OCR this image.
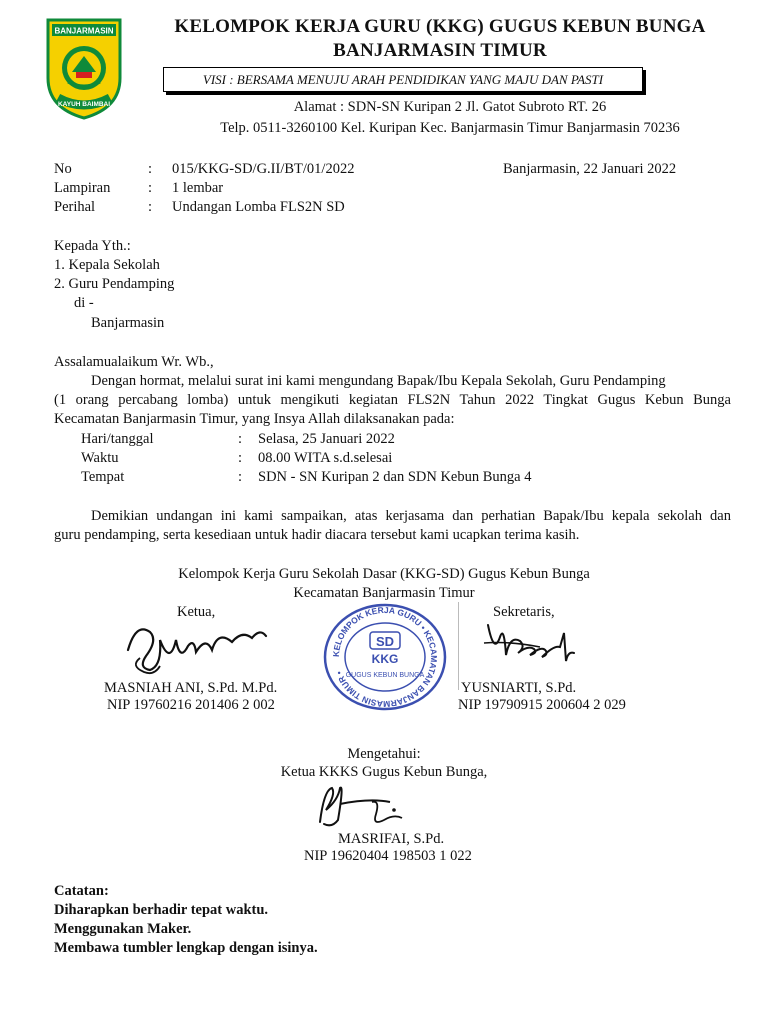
BANJARMASIN
KAYUH BAIMBAI
KELOMPOK KERJA GURU (KKG) GUGUS KEBUN BUNGA
BANJARMASIN TIMUR
VISI : BERSAMA MENUJU ARAH PENDIDIKAN YANG MAJU DAN PASTI
Alamat : SDN-SN Kuripan 2 Jl. Gatot Subroto RT. 26
Telp. 0511-3260100 Kel. Kuripan Kec. Banjarmasin Timur Banjarmasin 70236
No	: 015/KKG-SD/G.II/BT/01/2022	Banjarmasin, 22 Januari 2022
Lampiran	: 1 lembar
Perihal	: Undangan Lomba FLS2N SD
Kepada Yth.:
1. Kepala Sekolah
2. Guru Pendamping
di -
Banjarmasin
Assalamualaikum Wr. Wb.,
Dengan hormat, melalui surat ini kami mengundang Bapak/Ibu Kepala Sekolah, Guru Pendamping
(1 orang percabang lomba) untuk mengikuti kegiatan FLS2N Tahun 2022 Tingkat Gugus Kebun Bunga
Kecamatan Banjarmasin Timur, yang Insya Allah dilaksanakan pada:
Hari/tanggal	: Selasa, 25 Januari 2022
Waktu	: 08.00 WITA s.d.selesai
Tempat	: SDN - SN Kuripan 2 dan SDN Kebun Bunga 4
Demikian undangan ini kami sampaikan, atas kerjasama dan perhatian Bapak/Ibu kepala sekolah dan
guru pendamping, serta kesediaan untuk hadir diacara tersebut kami ucapkan terima kasih.
Kelompok Kerja Guru Sekolah Dasar (KKG-SD) Gugus Kebun Bunga
Kecamatan Banjarmasin Timur
Ketua,	Sekretaris,
KELOMPOK KERJA GURU • KECAMATAN BANJARMASIN TIMUR •
SD
KKG
GUGUS KEBUN BUNGA
MASNIAH ANI, S.Pd. M.Pd.
NIP 19760216 201406 2 002
YUSNIARTI, S.Pd.
NIP 19790915 200604 2 029
Mengetahui:
Ketua KKKS Gugus Kebun Bunga,
MASRIFAI, S.Pd.
NIP 19620404 198503 1 022
Catatan:
Diharapkan berhadir tepat waktu.
Menggunakan Maker.
Membawa tumbler lengkap dengan isinya.
